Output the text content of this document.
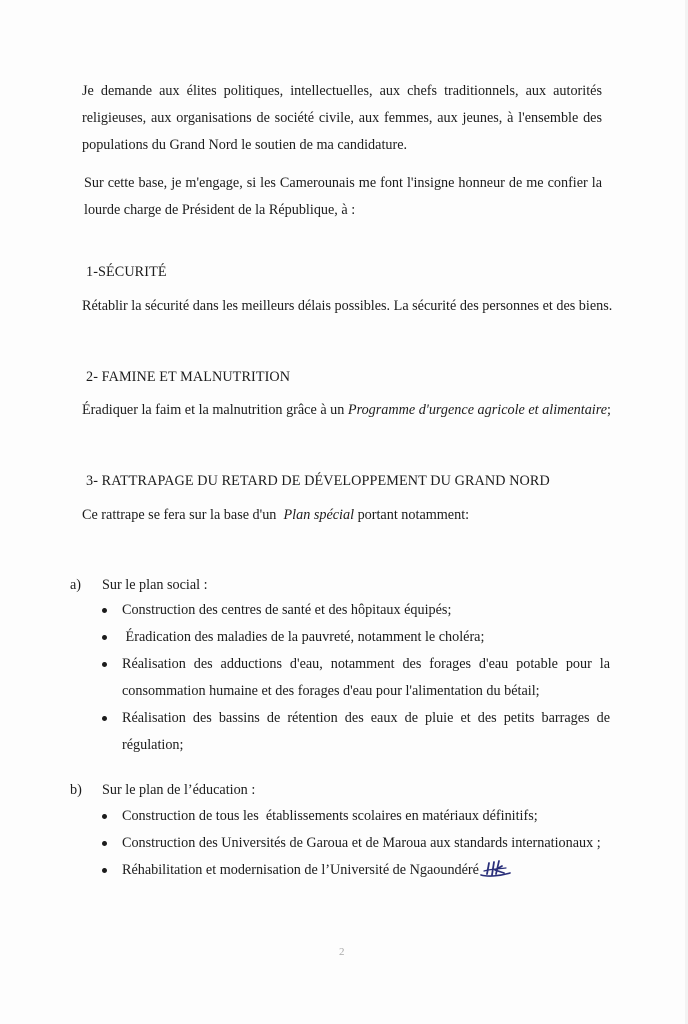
Je demande aux élites politiques, intellectuelles, aux chefs traditionnels, aux autorités
religieuses, aux organisations de société civile, aux femmes, aux jeunes, à l'ensemble des
populations du Grand Nord le soutien de ma candidature.

Sur cette base, je m'engage, si les Camerounais me font l'insigne honneur de me confier la
lourde charge de Président de la République, à :

1-SÉCURITÉ

Rétablir la sécurité dans les meilleurs délais possibles. La sécurité des personnes et des biens.

2- FAMINE ET MALNUTRITION

Éradiquer la faim et la malnutrition grâce à un Programme d'urgence agricole et alimentaire;

3- RATTRAPAGE DU RETARD DE DÉVELOPPEMENT DU GRAND NORD

Ce rattrape se fera sur la base d'un  Plan spécial portant notamment:

a) Sur le plan social :

Construction des centres de santé et des hôpitaux équipés;
Éradication des maladies de la pauvreté, notamment le choléra;
Réalisation des adductions d'eau, notamment des forages d'eau potable pour la
consommation humaine et des forages d'eau pour l'alimentation du bétail;
Réalisation des bassins de rétention des eaux de pluie et des petits barrages de
régulation;

b) Sur le plan de l’éducation :

Construction de tous les  établissements scolaires en matériaux définitifs;
Construction des Universités de Garoua et de Maroua aux standards internationaux ;
Réhabilitation et modernisation de l’Université de Ngaoundéré
2
